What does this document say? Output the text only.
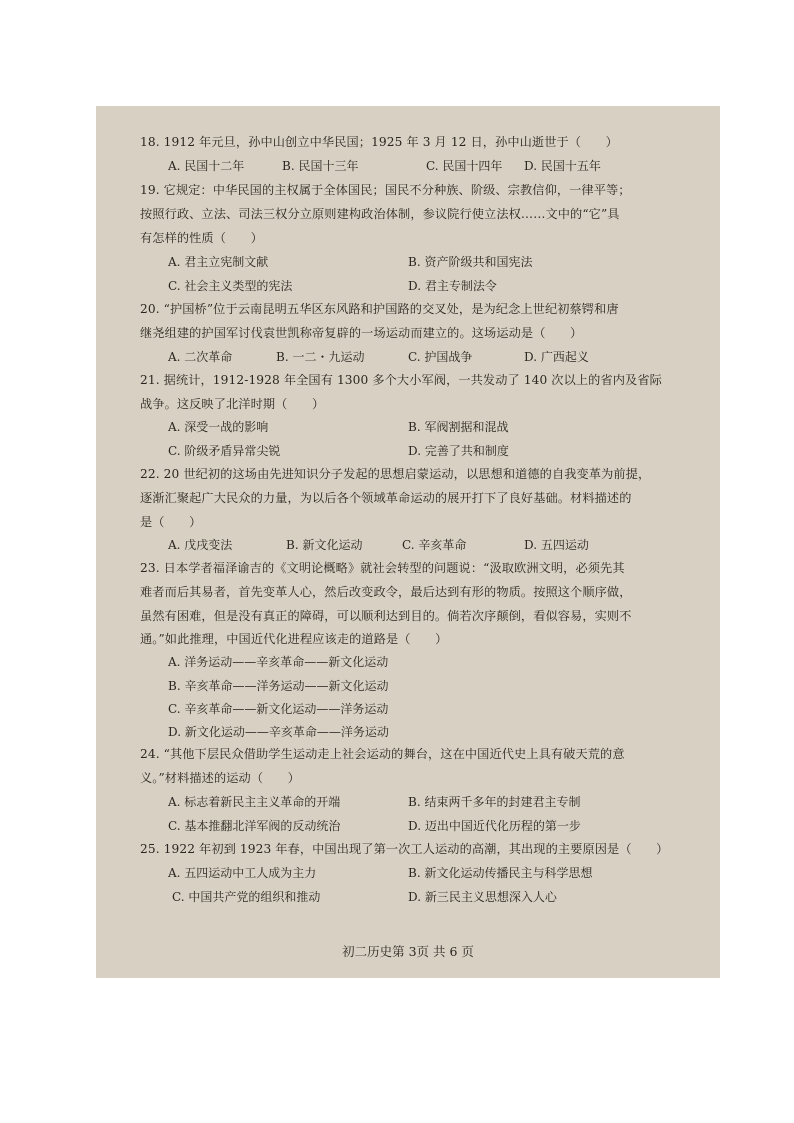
18. 1912 年元旦，孙中山创立中华民国；1925 年 3 月 12 日，孙中山逝世于（　　）
A. 民国十二年	B. 民国十三年	C. 民国十四年 D. 民国十五年
19. 它规定：中华民国的主权属于全体国民；国民不分种族、阶级、宗教信仰，一律平等；
按照行政、立法、司法三权分立原则建构政治体制，参议院行使立法权……文中的“它”具
有怎样的性质（　　）
A. 君主立宪制文献	B. 资产阶级共和国宪法
C. 社会主义类型的宪法	D. 君主专制法令
20. “护国桥”位于云南昆明五华区东风路和护国路的交叉处，是为纪念上世纪初蔡锷和唐
继尧组建的护国军讨伐袁世凯称帝复辟的一场运动而建立的。这场运动是（　　）
A. 二次革命	B. 一二・九运动	C. 护国战争	D. 广西起义
21. 据统计，1912-1928 年全国有 1300 多个大小军阀，一共发动了 140 次以上的省内及省际
战争。这反映了北洋时期（　　）
A. 深受一战的影响	B. 军阀割据和混战
C. 阶级矛盾异常尖锐	D. 完善了共和制度
22. 20 世纪初的这场由先进知识分子发起的思想启蒙运动，以思想和道德的自我变革为前提，
逐渐汇聚起广大民众的力量，为以后各个领域革命运动的展开打下了良好基础。材料描述的
是（　　）
A. 戊戌变法	B. 新文化运动	C. 辛亥革命	D. 五四运动
23. 日本学者福泽谕吉的《文明论概略》就社会转型的问题说：“汲取欧洲文明，必须先其
难者而后其易者，首先变革人心，然后改变政令，最后达到有形的物质。按照这个顺序做，
虽然有困难，但是没有真正的障碍，可以顺利达到目的。倘若次序颠倒，看似容易，实则不
通。”如此推理，中国近代化进程应该走的道路是（　　）
A. 洋务运动——辛亥革命——新文化运动
B. 辛亥革命——洋务运动——新文化运动
C. 辛亥革命——新文化运动——洋务运动
D. 新文化运动——辛亥革命——洋务运动
24. “其他下层民众借助学生运动走上社会运动的舞台，这在中国近代史上具有破天荒的意
义。”材料描述的运动（　　）
A. 标志着新民主主义革命的开端	B. 结束两千多年的封建君主专制
C. 基本推翻北洋军阀的反动统治	D. 迈出中国近代化历程的第一步
25. 1922 年初到 1923 年春，中国出现了第一次工人运动的高潮，其出现的主要原因是（　　）
A. 五四运动中工人成为主力	B. 新文化运动传播民主与科学思想
C. 中国共产党的组织和推动	D. 新三民主义思想深入人心
初二历史第 3页 共 6 页
